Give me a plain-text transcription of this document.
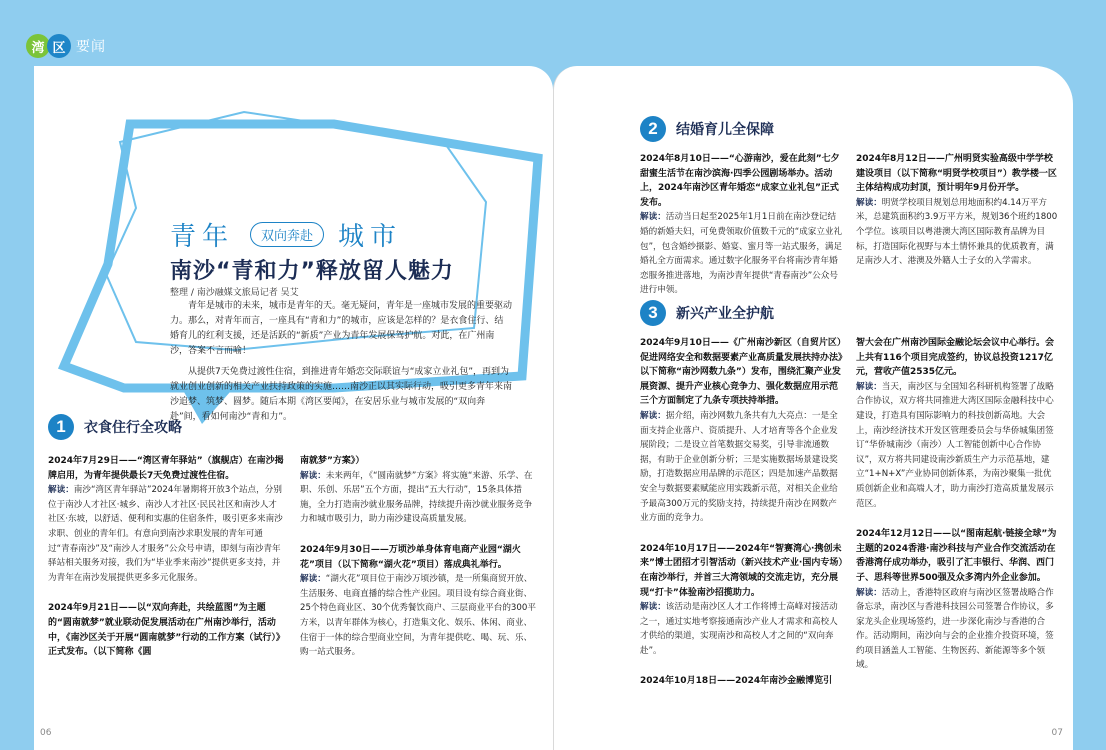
湾 区 要闻
青年	双向奔赴 城市
南沙“青和力”释放留人魅力
整理 / 南沙融媒文旅局记者 吴艾
青年是城市的未来，城市是青年的天。毫无疑问，青年是一座城市发展的重要驱动力。那么，对青年而言，一座具有“青和力”的城市，应该是怎样的？是衣食住行、结婚育儿的红利支援，还是活跃的“新质”产业为青年发展保驾护航。对此，在广州南沙，答案不言而喻！
从提供7天免费过渡性住宿，到推进青年婚恋交际联谊与“成家立业礼包”，再到为就业创业创新的相关产业扶持政策的实施……南沙正以其实际行动，吸引更多青年来南沙追梦、筑梦、圆梦。随后本期《湾区要闻》，在安居乐业与城市发展的“双向奔赴”间，看如何南沙“青和力”。
1	衣食住行全攻略

2024年7月29日——“湾区青年驿站”（旗舰店）在南沙揭牌启用，为青年提供最长7天免费过渡性住宿。

解读：南沙“湾区青年驿站”2024年暑期将开放3个站点，分别位于南沙人才社区·城乡、南沙人才社区·民民社区和南沙人才社区·东坡，以舒适、便利和实惠的住宿条件，吸引更多来南沙求职、创业的青年们。有意向到南沙求职发展的青年可通过“青春南沙”及“南沙人才服务”公众号申请，即刻与南沙青年驿站相关服务对接，我们为“毕业季来南沙”提供更多支持，并为青年在南沙发展提供更多多元化服务。

2024年9月21日——以“双向奔赴，共绘蓝图”为主题的“圆南就梦”就业联动促发展活动在广州南沙举行，活动中，《南沙区关于开展“圆南就梦”行动的工作方案（试行）》正式发布。（以下简称《圆

南就梦”方案》）

解读：未来两年，《“圆南就梦”方案》将实施“来游、乐学、在职、乐创、乐居”五个方面，提出“五大行动”，15条具体措施，全力打造南沙就业服务品牌，持续提升南沙就业服务竞争力和城市吸引力，助力南沙建设高质量发展。

2024年9月30日——万顷沙单身体育电商产业园“湖火花”项目（以下简称“湖火花”项目）落成典礼举行。

解读：“湖火花”项目位于南沙万顷沙镇，是一所集商贸开放、生活服务、电商直播的综合性产业园。项目设有综合商业街、25个特色商业区、30个优秀餐饮商户、三层商业平台的300平方米，以青年群体为核心，打造集文化、娱乐、体闲、商业、住宿于一体的综合型商业空间，为青年提供吃、喝、玩、乐、购一站式服务。

06
2	结婚育儿全保障

2024年8月10日——“心游南沙，爱在此刻”七夕甜蜜生活节在南沙滨海·四季公园剧场举办。活动上，2024年南沙区青年婚恋“成家立业礼包”正式发布。

解读：活动当日起至2025年1月1日前在南沙登记结婚的新婚夫妇，可免费领取价值数千元的“成家立业礼包”，包含婚纱摄影、婚宴、蜜月等一站式服务，满足婚礼全方面需求。通过数字化服务平台将南沙青年婚恋服务推进落地，为南沙青年提供“青春南沙”公众号进行申领。

2024年8月12日——广州明贤实验高级中学学校建设项目（以下简称“明贤学校项目”）教学楼一区主体结构成功封顶，预计明年9月份开学。

解读：明贤学校项目规划总用地面积约4.14万平方米，总建筑面积约3.9万平方米，规划36个班约1800个学位。该项目以粤港澳大湾区国际教育品牌为目标，打造国际化视野与本土情怀兼具的优质教育，满足南沙人才、港澳及外籍人士子女的入学需求。

3	新兴产业全护航

2024年9月10日——《广州南沙新区（自贸片区）促进网络安全和数据要素产业高质量发展扶持办法》以下简称“南沙网数九条”）发布，围绕汇聚产业发展资源、提升产业核心竞争力、强化数据应用示范三个方面制定了九条专项扶持举措。

解读：据介绍，南沙网数九条共有九大亮点：一是全面支持企业落户、资质提升、人才培育等各个企业发展阶段；二是设立首笔数据交易奖，引导非流通数据，有助于企业创新分析；三是实施数据场景建设奖励，打造数据应用品牌的示范区；四是加速产品数据安全与数据要素赋能应用实践新示范，对相关企业给予最高300万元的奖励支持，持续提升南沙在网数产业方面的竞争力。

2024年10月17日——2024年“智赛湾心·携创未来”博士团招才引智活动（新兴技术产业·国内专场）在南沙举行，并首三大湾领域的交流走访，充分展现“打卡”体验南沙招揽助力。

解读：该活动是南沙区人才工作将博士高峰对接活动之一，通过实地考察接通南沙产业人才需求和高校人才供给的渠道，实现南沙和高校人才之间的“双向奔赴”。

2024年10月18日——2024年南沙金融博览引

智大会在广州南沙国际金融论坛会议中心举行。会上共有116个项目完成签约，协议总投资1217亿元，营收产值2535亿元。

解读：当天，南沙区与全国知名科研机构签署了战略合作协议，双方将共同推进大湾区国际金融科技中心建设，打造具有国际影响力的科技创新高地。大会上，南沙经济技术开发区管理委员会与华侨城集团签订“华侨城南沙（南沙）人工智能创新中心合作协议”，双方将共同建设南沙新质生产力示范基地，建立“1+N+X”产业协同创新体系，为南沙聚集一批优质创新企业和高端人才，助力南沙打造高质量发展示范区。

2024年12月12日——以“图南起航·链接全球”为主题的2024香港·南沙科技与产业合作交流活动在香港湾仔成功举办，吸引了汇丰银行、华润、西门子、思科等世界500强及众多湾内外企业参加。

解读：活动上，香港特区政府与南沙区签署战略合作备忘录，南沙区与香港科技园公司签署合作协议，多家龙头企业现场签约，进一步深化南沙与香港的合作。活动期间，南沙向与会的企业推介投资环境，签约项目涵盖人工智能、生物医药、新能源等多个领域。

07
